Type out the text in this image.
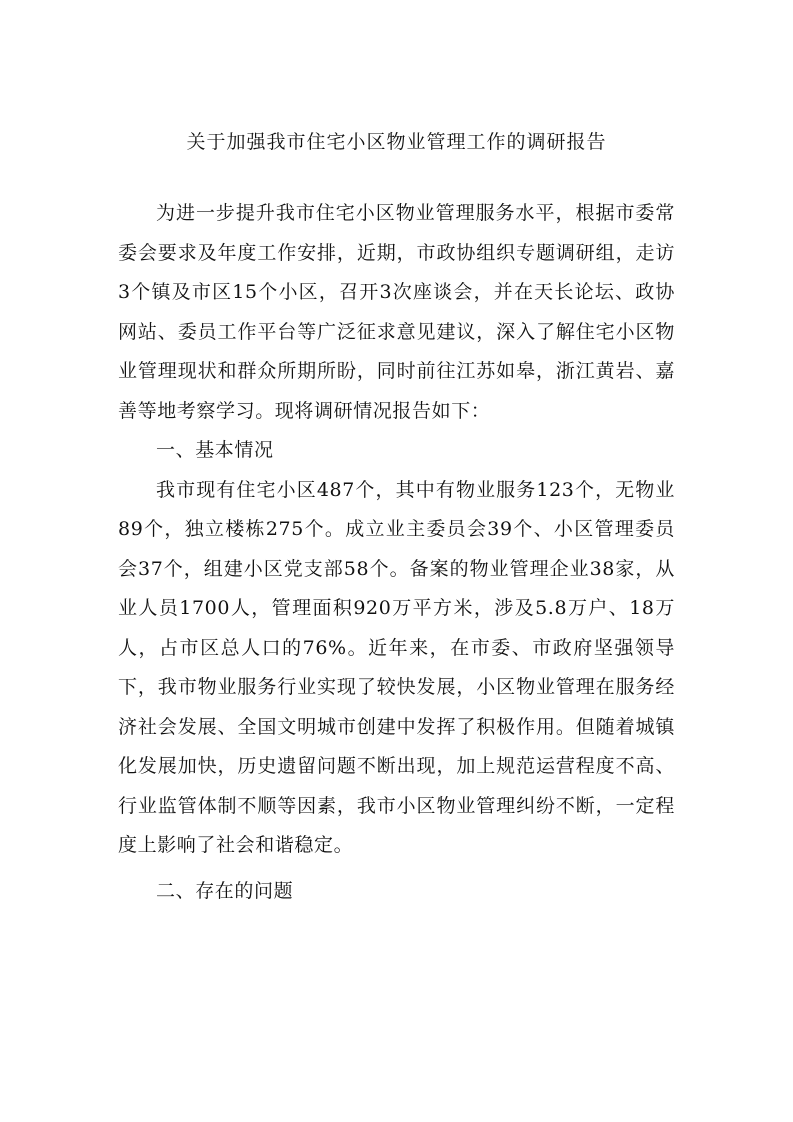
关于加强我市住宅小区物业管理工作的调研报告

为进一步提升我市住宅小区物业管理服务水平，根据市委常委会要求及年度工作安排，近期，市政协组织专题调研组，走访3个镇及市区15个小区，召开3次座谈会，并在天长论坛、政协网站、委员工作平台等广泛征求意见建议，深入了解住宅小区物业管理现状和群众所期所盼，同时前往江苏如皋，浙江黄岩、嘉善等地考察学习。现将调研情况报告如下：

一、基本情况

我市现有住宅小区487个，其中有物业服务123个，无物业89个，独立楼栋275个。成立业主委员会39个、小区管理委员会37个，组建小区党支部58个。备案的物业管理企业38家，从业人员1700人，管理面积920万平方米，涉及5.8万户、18万人，占市区总人口的76%。近年来，在市委、市政府坚强领导下，我市物业服务行业实现了较快发展，小区物业管理在服务经济社会发展、全国文明城市创建中发挥了积极作用。但随着城镇化发展加快，历史遗留问题不断出现，加上规范运营程度不高、行业监管体制不顺等因素，我市小区物业管理纠纷不断，一定程度上影响了社会和谐稳定。

二、存在的问题
